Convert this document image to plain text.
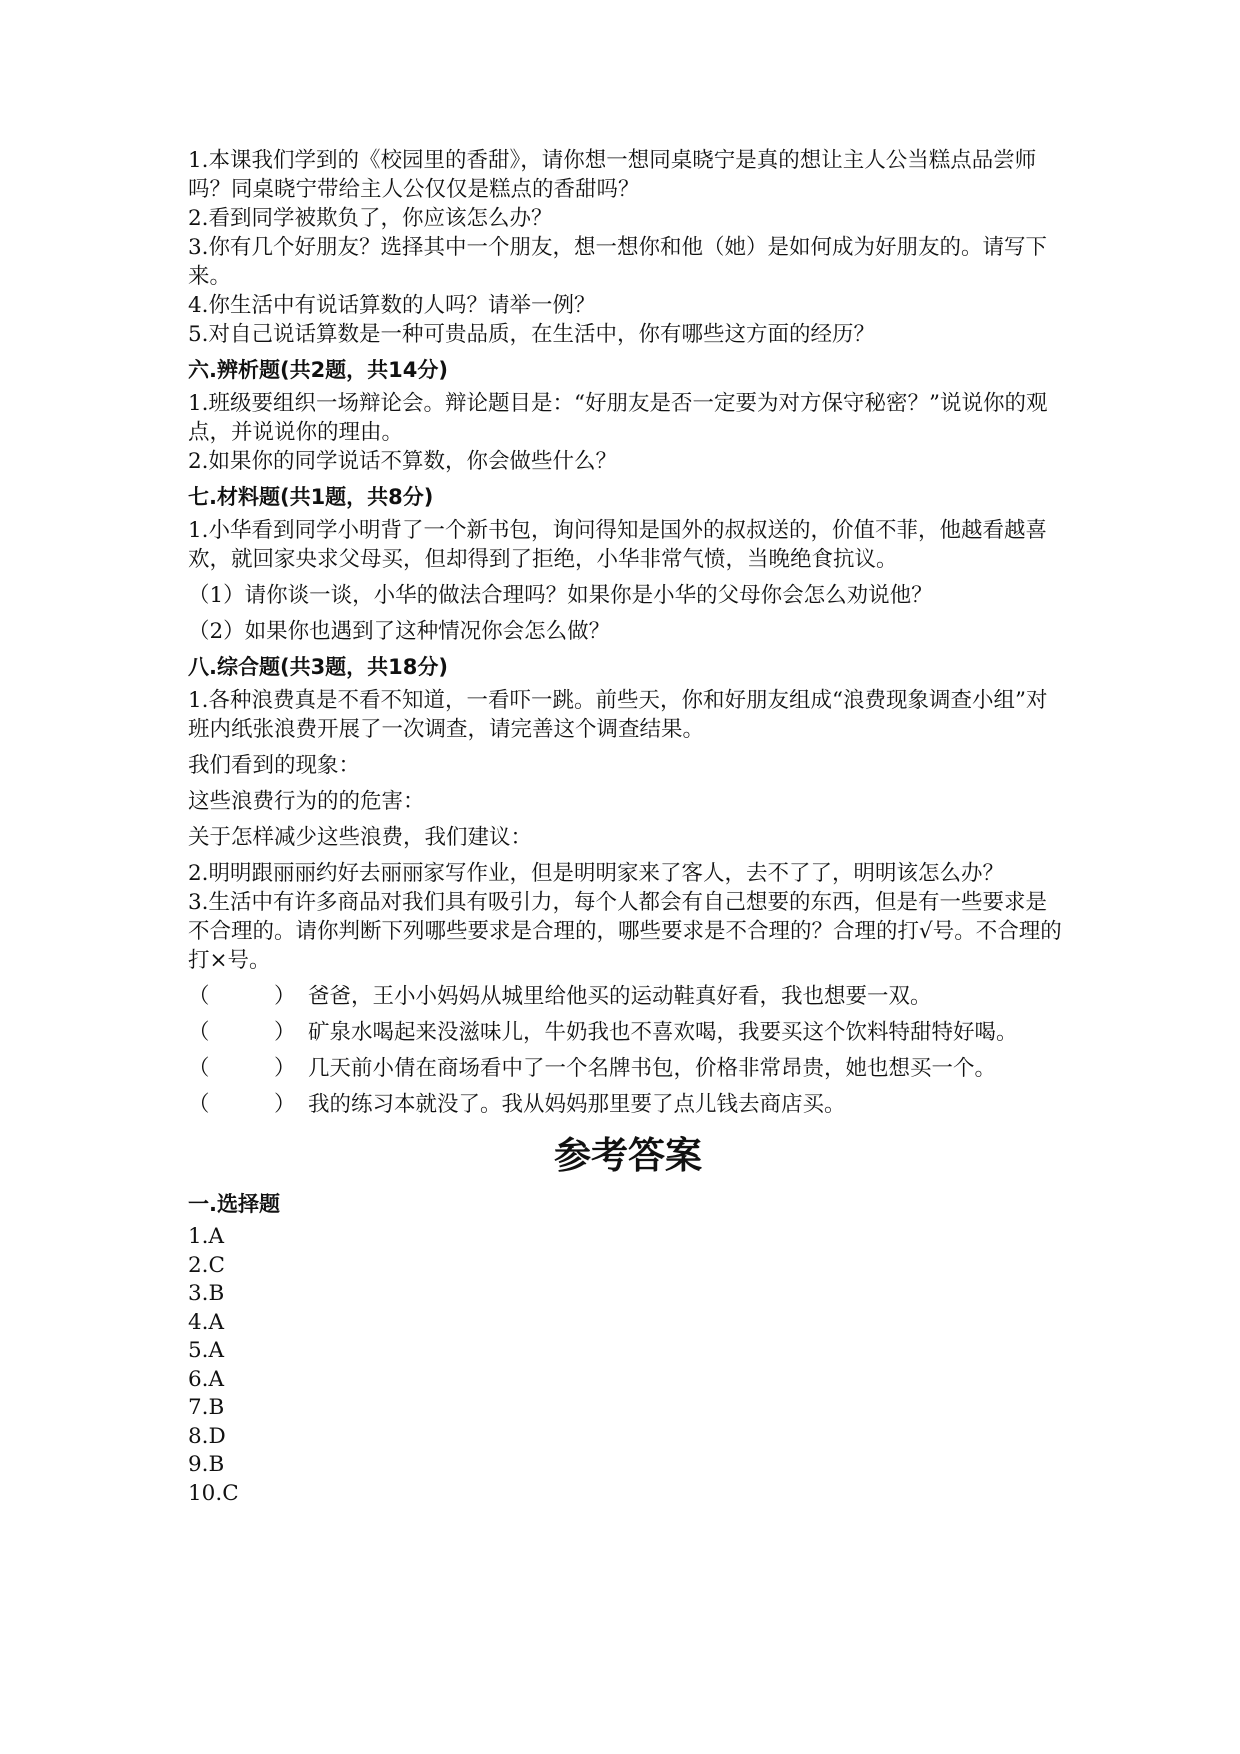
1.本课我们学到的《校园里的香甜》，请你想一想同桌晓宁是真的想让主人公当糕点品尝师吗？同桌晓宁带给主人公仅仅是糕点的香甜吗？

2.看到同学被欺负了，你应该怎么办？

3.你有几个好朋友？选择其中一个朋友，想一想你和他（她）是如何成为好朋友的。请写下来。

4.你生活中有说话算数的人吗？请举一例？

5.对自己说话算数是一种可贵品质，在生活中，你有哪些这方面的经历？

六.辨析题(共2题，共14分)

1.班级要组织一场辩论会。辩论题目是：“好朋友是否一定要为对方保守秘密？”说说你的观点，并说说你的理由。

2.如果你的同学说话不算数，你会做些什么？

七.材料题(共1题，共8分)

1.小华看到同学小明背了一个新书包，询问得知是国外的叔叔送的，价值不菲，他越看越喜欢，就回家央求父母买，但却得到了拒绝，小华非常气愤，当晚绝食抗议。

（1）请你谈一谈，小华的做法合理吗？如果你是小华的父母你会怎么劝说他？

（2）如果你也遇到了这种情况你会怎么做？

八.综合题(共3题，共18分)

1.各种浪费真是不看不知道，一看吓一跳。前些天，你和好朋友组成“浪费现象调查小组”对班内纸张浪费开展了一次调查，请完善这个调查结果。

我们看到的现象：

这些浪费行为的的危害：

关于怎样减少这些浪费，我们建议：

2.明明跟丽丽约好去丽丽家写作业，但是明明家来了客人，去不了了，明明该怎么办？

3.生活中有许多商品对我们具有吸引力，每个人都会有自己想要的东西，但是有一些要求是不合理的。请你判断下列哪些要求是合理的，哪些要求是不合理的？合理的打√号。不合理的打×号。

（　　　） 爸爸，王小小妈妈从城里给他买的运动鞋真好看，我也想要一双。

（　　　） 矿泉水喝起来没滋味儿，牛奶我也不喜欢喝，我要买这个饮料特甜特好喝。

（　　　） 几天前小倩在商场看中了一个名牌书包，价格非常昂贵，她也想买一个。

（　　　） 我的练习本就没了。我从妈妈那里要了点儿钱去商店买。

参考答案
一.选择题
1.A
2.C
3.B
4.A
5.A
6.A
7.B
8.D
9.B
10.C
